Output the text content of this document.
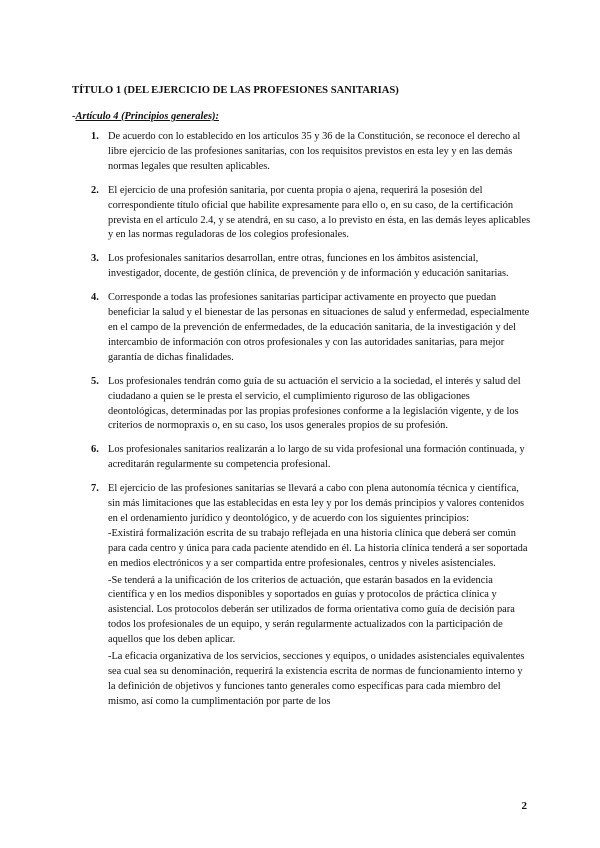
TÍTULO 1 (DEL EJERCICIO DE LAS PROFESIONES SANITARIAS)
-Artículo 4 (Principios generales):
1. De acuerdo con lo establecido en los artículos 35 y 36 de la Constitución, se reconoce el derecho al libre ejercicio de las profesiones sanitarias, con los requisitos previstos en esta ley y en las demás normas legales que resulten aplicables.

2. El ejercicio de una profesión sanitaria, por cuenta propia o ajena, requerirá la posesión del correspondiente título oficial que habilite expresamente para ello o, en su caso, de la certificación prevista en el artículo 2.4, y se atendrá, en su caso, a lo previsto en ésta, en las demás leyes aplicables y en las normas reguladoras de los colegios profesionales.

3. Los profesionales sanitarios desarrollan, entre otras, funciones en los ámbitos asistencial, investigador, docente, de gestión clínica, de prevención y de información y educación sanitarias.

4. Corresponde a todas las profesiones sanitarias participar activamente en proyecto que puedan beneficiar la salud y el bienestar de las personas en situaciones de salud y enfermedad, especialmente en el campo de la prevención de enfermedades, de la educación sanitaria, de la investigación y del intercambio de información con otros profesionales y con las autoridades sanitarias, para mejor garantía de dichas finalidades.

5. Los profesionales tendrán como guía de su actuación el servicio a la sociedad, el interés y salud del ciudadano a quien se le presta el servicio, el cumplimiento riguroso de las obligaciones deontológicas, determinadas por las propias profesiones conforme a la legislación vigente, y de los criterios de normopraxis o, en su caso, los usos generales propios de su profesión.

6. Los profesionales sanitarios realizarán a lo largo de su vida profesional una formación continuada, y acreditarán regularmente su competencia profesional.

7. El ejercicio de las profesiones sanitarias se llevará a cabo con plena autonomía técnica y científica, sin más limitaciones que las establecidas en esta ley y por los demás principios y valores contenidos en el ordenamiento jurídico y deontológico, y de acuerdo con los siguientes principios:

-Existirá formalización escrita de su trabajo reflejada en una historia clínica que deberá ser común para cada centro y única para cada paciente atendido en él. La historia clínica tenderá a ser soportada en medios electrónicos y a ser compartida entre profesionales, centros y niveles asistenciales.

-Se tenderá a la unificación de los criterios de actuación, que estarán basados en la evidencia científica y en los medios disponibles y soportados en guías y protocolos de práctica clínica y asistencial. Los protocolos deberán ser utilizados de forma orientativa como guía de decisión para todos los profesionales de un equipo, y serán regularmente actualizados con la participación de aquellos que los deben aplicar.

-La eficacia organizativa de los servicios, secciones y equipos, o unidades asistenciales equivalentes sea cual sea su denominación, requerirá la existencia escrita de normas de funcionamiento interno y la definición de objetivos y funciones tanto generales como específicas para cada miembro del mismo, así como la cumplimentación por parte de los

2
